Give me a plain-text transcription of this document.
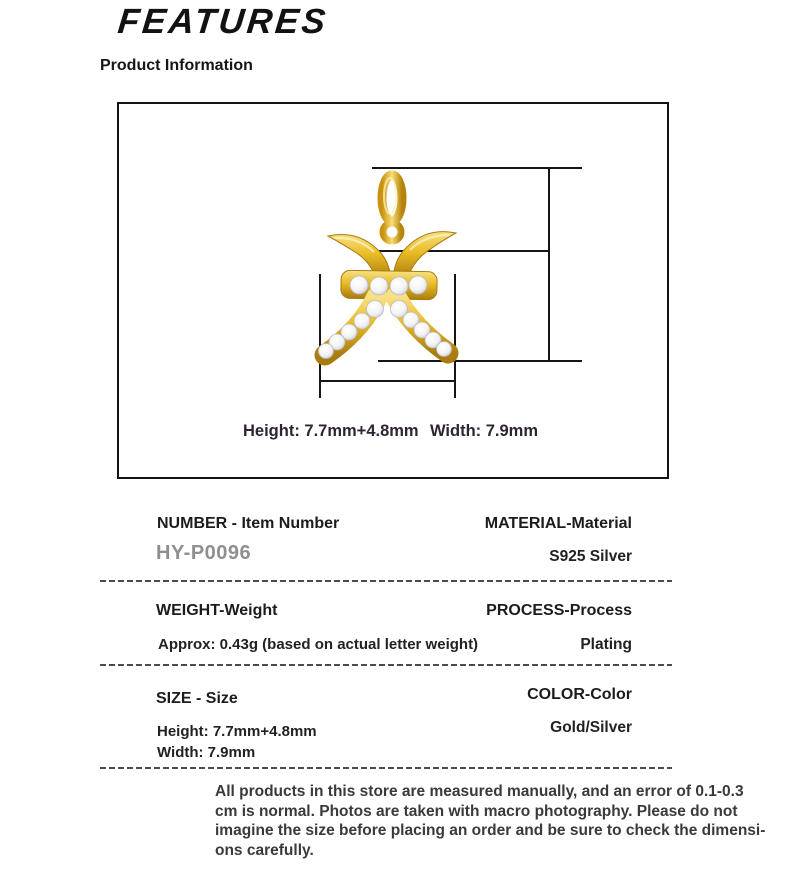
FEATURES
Product Information
Height: 7.7mm+4.8mm Width: 7.9mm
NUMBER - Item Number
HY-P0096
MATERIAL-Material
S925 Silver
WEIGHT-Weight
Approx: 0.43g (based on actual letter weight)
PROCESS-Process
Plating
SIZE - Size
Height: 7.7mm+4.8mm
Width: 7.9mm
COLOR-Color
Gold/Silver
All products in this store are measured manually, and an error of 0.1-0.3
cm is normal. Photos are taken with macro photography. Please do not
imagine the size before placing an order and be sure to check the dimensi-
ons carefully.
